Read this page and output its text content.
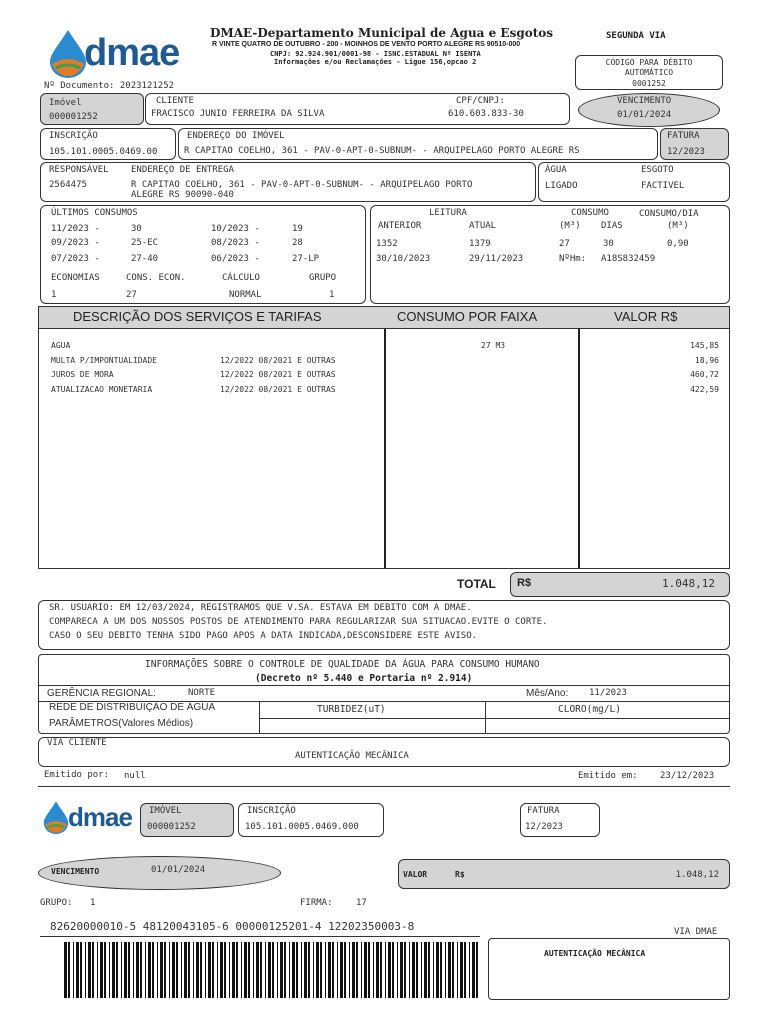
dmae	DMAE-Departamento Municipal de Agua e Esgotos
R VINTE QUATRO DE OUTUBRO - 200 - MOINHOS DE VENTO PORTO ALEGRE RS 90510-000
CNPJ: 92.924.901/0001-98 - ISNC.ESTADUAL Nº ISENTA
Informações e/ou Reclamações - Ligue 156,opcao 2
SEGUNDA VIA
Nº Documento: 2023121252
CÓDIGO PARA DÉBITO AUTOMÁTICO
0001252
Imóvel
000001252
CLIENTE
FRACISCO JUNIO FERREIRA DA SILVA
CPF/CNPJ:
610.603.833-30
VENCIMENTO
01/01/2024
INSCRIÇÃO
105.101.0005.0469.00
ENDEREÇO DO IMÓVEL
R CAPITAO COELHO, 361 - PAV-0-APT-0-SUBNUM- - ARQUIPELAGO PORTO ALEGRE RS
FATURA
12/2023
RESPONSÁVEL ENDEREÇO DE ENTREGA
2564475	R CAPITAO COELHO, 361 - PAV-0-APT-0-SUBNUM- - ARQUIPELAGO PORTO
ALEGRE RS 90090-040
ÁGUA	ESGOTO
LIGADO	FACTIVEL
ÚLTIMOS CONSUMOS
11/2023 -	30	10/2023 -	19
09/2023 -	25-EC	08/2023 -	28
07/2023 -	27-40	06/2023 -	27-LP
ECONOMIAS	CONS. ECON.	CÁLCULO	GRUPO
1	27	NORMAL	1
LEITURA	CONSUMO	CONSUMO/DIA
ANTERIOR	ATUAL	(M³) DIAS	(M³)
1352	1379	27	30	0,90
30/10/2023	29/11/2023	NºHm: A18S832459
DESCRIÇÃO DOS SERVIÇOS E TARIFAS	CONSUMO POR FAIXA	VALOR R$
AGUA	27 M3	145,85
MULTA P/IMPONTUALIDADE	12/2022 08/2021 E OUTRAS	18,96
JUROS DE MORA	12/2022 08/2021 E OUTRAS	460,72
ATUALIZACAO MONETARIA	12/2022 08/2021 E OUTRAS	422,59
TOTAL R$	1.048,12
SR. USUARIO: EM 12/03/2024, REGISTRAMOS QUE V.SA. ESTAVA EM DEBITO COM A DMAE.
COMPARECA A UM DOS NOSSOS POSTOS DE ATENDIMENTO PARA REGULARIZAR SUA SITUACAO.EVITE O CORTE.
CASO O SEU DEBITO TENHA SIDO PAGO APOS A DATA INDICADA,DESCONSIDERE ESTE AVISO.
INFORMAÇÕES SOBRE O CONTROLE DE QUALIDADE DA ÁGUA PARA CONSUMO HUMANO
(Decreto nº 5.440 e Portaria nº 2.914)
GERÊNCIA REGIONAL:	NORTE	Mês/Ano: 11/2023
REDE DE DISTRIBUIÇÃO DE ÁGUA
PARÂMETROS(Valores Médios)
TURBIDEZ(uT)	CLORO(mg/L)
VIA CLIENTE
AUTENTICAÇÃO MECÂNICA
Emitido por: null	Emitido em: 23/12/2023
dmae IMÓVEL
000001252
INSCRIÇÃO
105.101.0005.0469.000
FATURA
12/2023
VENCIMENTO	01/01/2024	VALOR	R$	1.048,12
GRUPO: 1	FIRMA:	17
82620000010-5 48120043105-6 00000125201-4 12202350003-8	VIA DMAE
AUTENTICAÇÃO MECÂNICA
